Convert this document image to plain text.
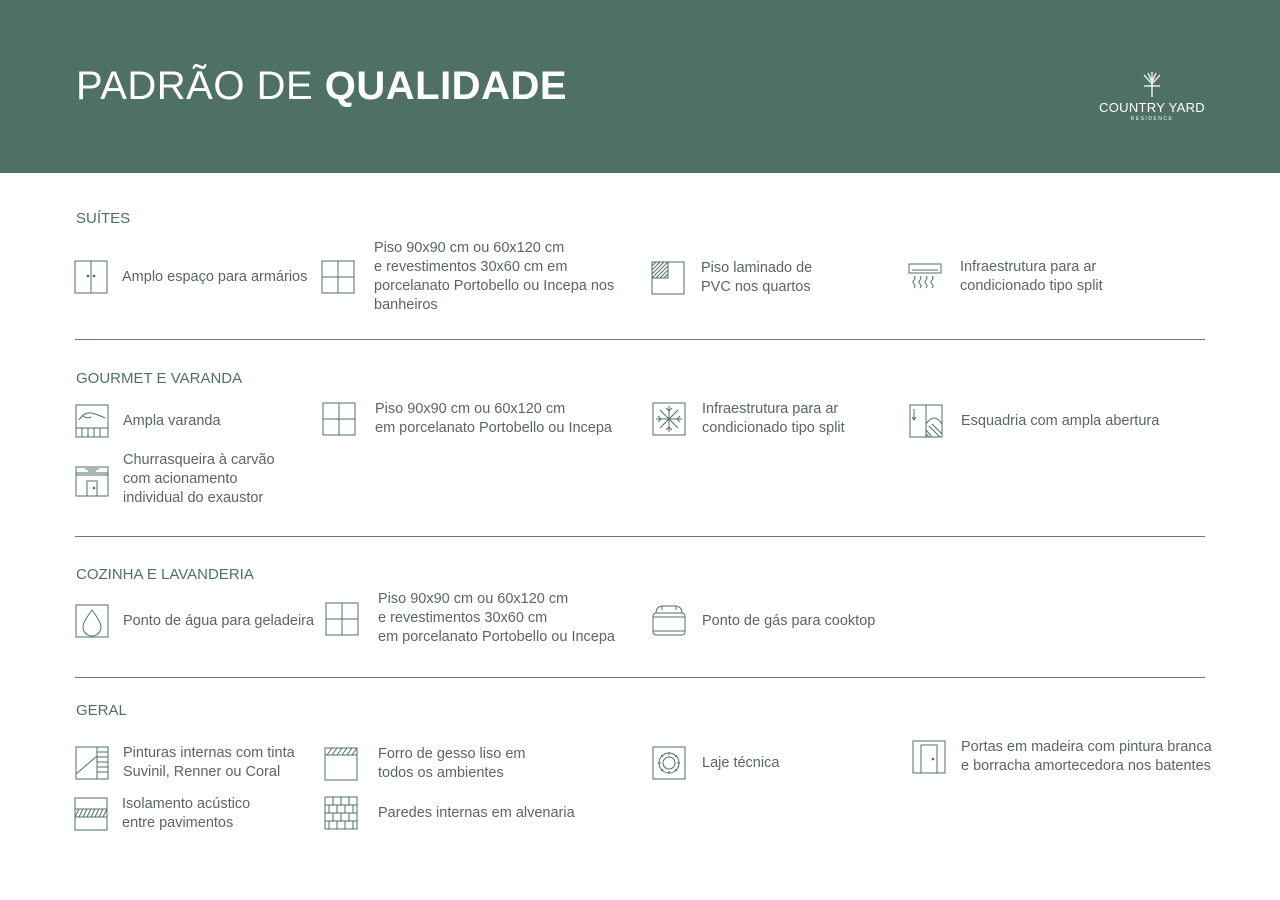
PADRÃO DE QUALIDADE	COUNTRY YARD
RESIDENCE
SUÍTES
Amplo espaço para armários
Piso 90x90 cm ou 60x120 cm
e revestimentos 30x60 cm em
porcelanato Portobello ou Incepa nos
banheiros
Piso laminado de
PVC nos quartos
Infraestrutura para ar
condicionado tipo split
GOURMET E VARANDA
Ampla varanda
Piso 90x90 cm ou 60x120 cm
em porcelanato Portobello ou Incepa
Infraestrutura para ar
condicionado tipo split	Esquadria com ampla abertura
Churrasqueira à carvão
com acionamento
individual do exaustor
COZINHA E LAVANDERIA
Ponto de água para geladeira
Piso 90x90 cm ou 60x120 cm
e revestimentos 30x60 cm
em porcelanato Portobello ou Incepa
Ponto de gás para cooktop
GERAL
Pinturas internas com tinta
Suvinil, Renner ou Coral
Forro de gesso liso em
todos os ambientes
Laje técnica
Portas em madeira com pintura branca
e borracha amortecedora nos batentes
Isolamento acústico
entre pavimentos
Paredes internas em alvenaria
